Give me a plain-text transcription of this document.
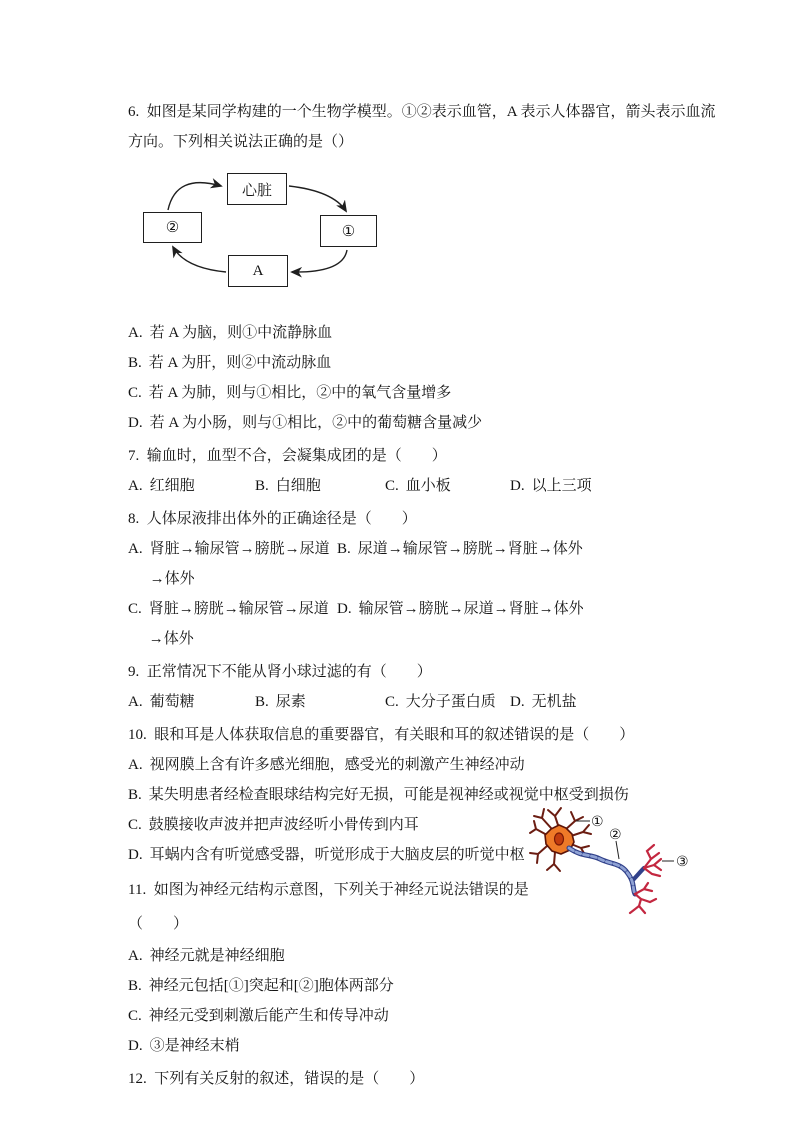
6.  如图是某同学构建的一个生物学模型。①②表示血管，A 表示人体器官，箭头表示血流
方向。下列相关说法正确的是（）
心脏
①
A
②
A. 若 A 为脑，则①中流静脉血
B. 若 A 为肝，则②中流动脉血
C. 若 A 为肺，则与①相比，②中的氧气含量增多
D. 若 A 为小肠，则与①相比，②中的葡萄糖含量减少
7.  输血时，血型不合，会凝集成团的是（　　）
A. 红细胞	B. 白细胞	C. 血小板	D. 以上三项
8.  人体尿液排出体外的正确途径是（　　）
A. 肾脏→输尿管→膀胱→尿道→体外
B. 尿道→输尿管→膀胱→肾脏→体外
C. 肾脏→膀胱→输尿管→尿道→体外
D. 输尿管→膀胱→尿道→肾脏→体外
9.  正常情况下不能从肾小球过滤的有（　　）
A. 葡萄糖	B. 尿素	C. 大分子蛋白质 D. 无机盐
10.  眼和耳是人体获取信息的重要器官，有关眼和耳的叙述错误的是（　　）
A. 视网膜上含有许多感光细胞，感受光的刺激产生神经冲动
B. 某失明患者经检查眼球结构完好无损，可能是视神经或视觉中枢受到损伤
C. 鼓膜接收声波并把声波经听小骨传到内耳
D. 耳蜗内含有听觉感受器，听觉形成于大脑皮层的听觉中枢
11.  如图为神经元结构示意图，下列关于神经元说法错误的是
（　　）
A. 神经元就是神经细胞
B. 神经元包括[①]突起和[②]胞体两部分
C. 神经元受到刺激后能产生和传导冲动
D. ③是神经末梢
12.  下列有关反射的叙述，错误的是（　　）
①
②
③
